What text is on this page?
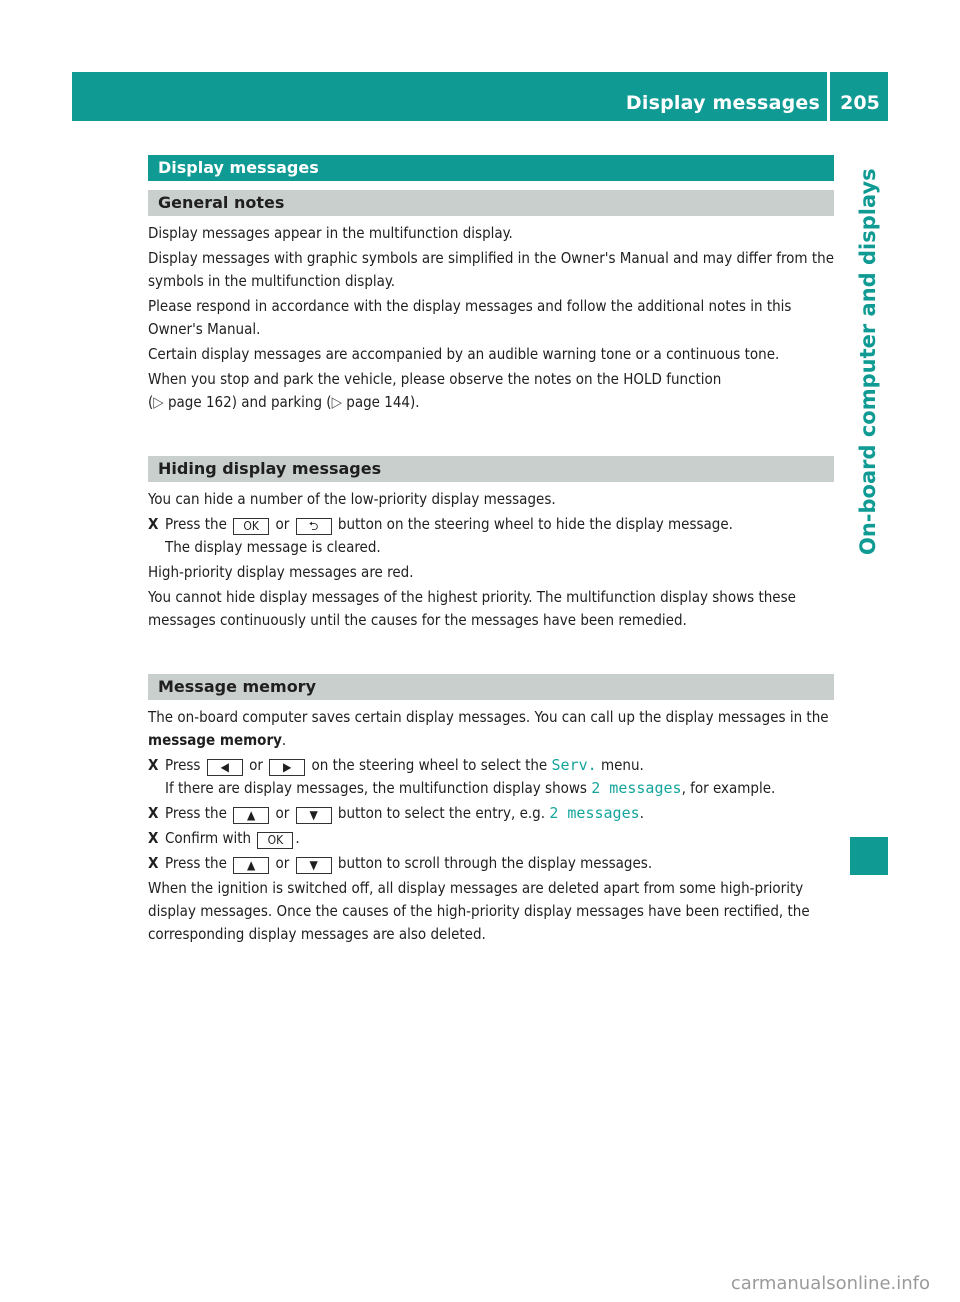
Display messages	205
On-board computer and displays
Display messages
General notes

Display messages appear in the multifunction display.

Display messages with graphic symbols are simplified in the Owner's Manual and may differ from the symbols in the multifunction display.

Please respond in accordance with the display messages and follow the additional notes in this Owner's Manual.

Certain display messages are accompanied by an audible warning tone or a continuous tone.

When you stop and park the vehicle, please observe the notes on the HOLD function
(▷ page 162) and parking (▷ page 144).

Hiding display messages

You can hide a number of the low-priority display messages.

X Press the OK or ⮌ button on the steering wheel to hide the display message.
The display message is cleared.

High-priority display messages are red.

You cannot hide display messages of the highest priority. The multifunction display shows these messages continuously until the causes for the messages have been remedied.

Message memory

The on-board computer saves certain display messages. You can call up the display messages in the message memory.

X Press ◀ or ▶ on the steering wheel to select the Serv. menu.
If there are display messages, the multifunction display shows 2 messages, for example.
X Press the ▲ or ▼ button to select the entry, e.g. 2 messages.
X Confirm with OK .
X Press the ▲ or ▼ button to scroll through the display messages.

When the ignition is switched off, all display messages are deleted apart from some high-priority display messages. Once the causes of the high-priority display messages have been rectified, the corresponding display messages are also deleted.

carmanualsonline.info
